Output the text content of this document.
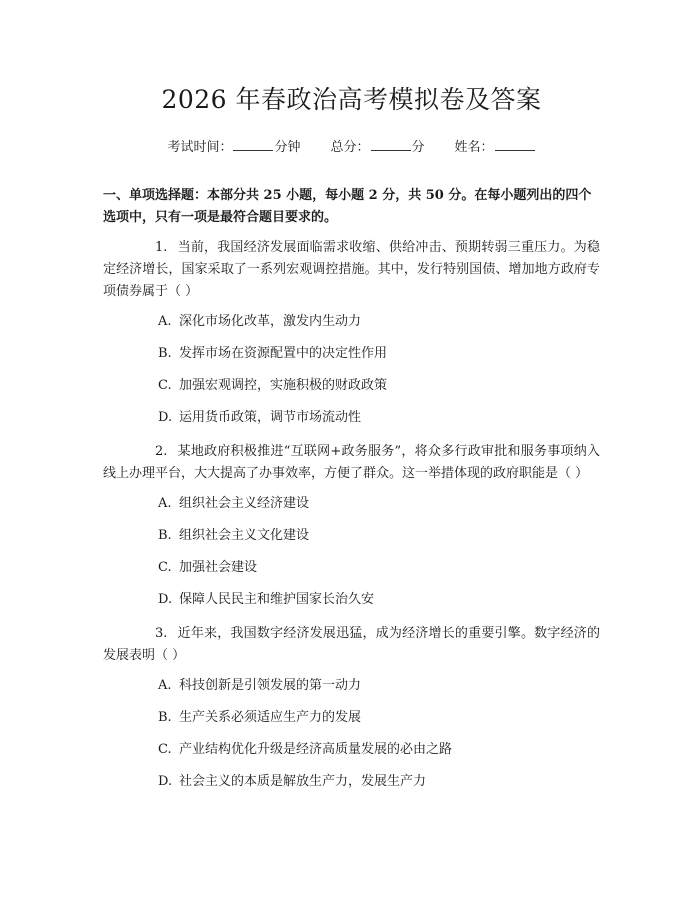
2026 年春政治高考模拟卷及答案
考试时间：	分钟 总分：	分 姓名：
一、单项选择题：本部分共 25 小题，每小题 2 分，共 50 分。在每小题列出的四个选项中，只有一项是最符合题目要求的。
1. 当前，我国经济发展面临需求收缩、供给冲击、预期转弱三重压力。为稳定经济增长，国家采取了一系列宏观调控措施。其中，发行特别国债、增加地方政府专项债券属于（ ）
A. 深化市场化改革，激发内生动力
B. 发挥市场在资源配置中的决定性作用
C. 加强宏观调控，实施积极的财政政策
D. 运用货币政策，调节市场流动性
2. 某地政府积极推进“互联网+政务服务”，将众多行政审批和服务事项纳入线上办理平台，大大提高了办事效率，方便了群众。这一举措体现的政府职能是（ ）
A. 组织社会主义经济建设
B. 组织社会主义文化建设
C. 加强社会建设
D. 保障人民民主和维护国家长治久安
3. 近年来，我国数字经济发展迅猛，成为经济增长的重要引擎。数字经济的发展表明（ ）
A. 科技创新是引领发展的第一动力
B. 生产关系必须适应生产力的发展
C. 产业结构优化升级是经济高质量发展的必由之路
D. 社会主义的本质是解放生产力，发展生产力
